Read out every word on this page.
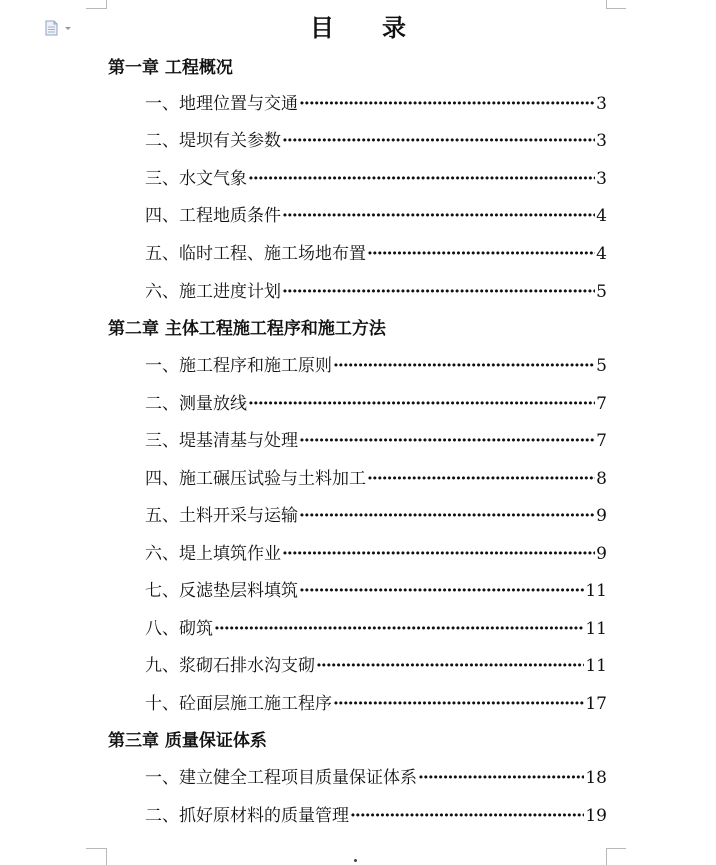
目　录
第一章 工程概况
一、地理位置与交通 ·····	3
二、堤坝有关参数 ·····	3
三、水文气象 ·····	3
四、工程地质条件 ·····	4
五、临时工程、施工场地布置 ·····	4
六、施工进度计划 ·····	5
第二章 主体工程施工程序和施工方法
一、施工程序和施工原则 ·····	5
二、测量放线 ·····	7
三、堤基清基与处理 ·····	7
四、施工碾压试验与土料加工 ·····	8
五、土料开采与运输 ·····	9
六、堤上填筑作业 ·····	9
七、反滤垫层料填筑 ·····	11
八、砌筑 ·····	11
九、浆砌石排水沟支砌 ·····	11
十、砼面层施工施工程序 ·····	17
第三章 质量保证体系
一、建立健全工程项目质量保证体系 ·····	18
二、抓好原材料的质量管理 ·····	19
